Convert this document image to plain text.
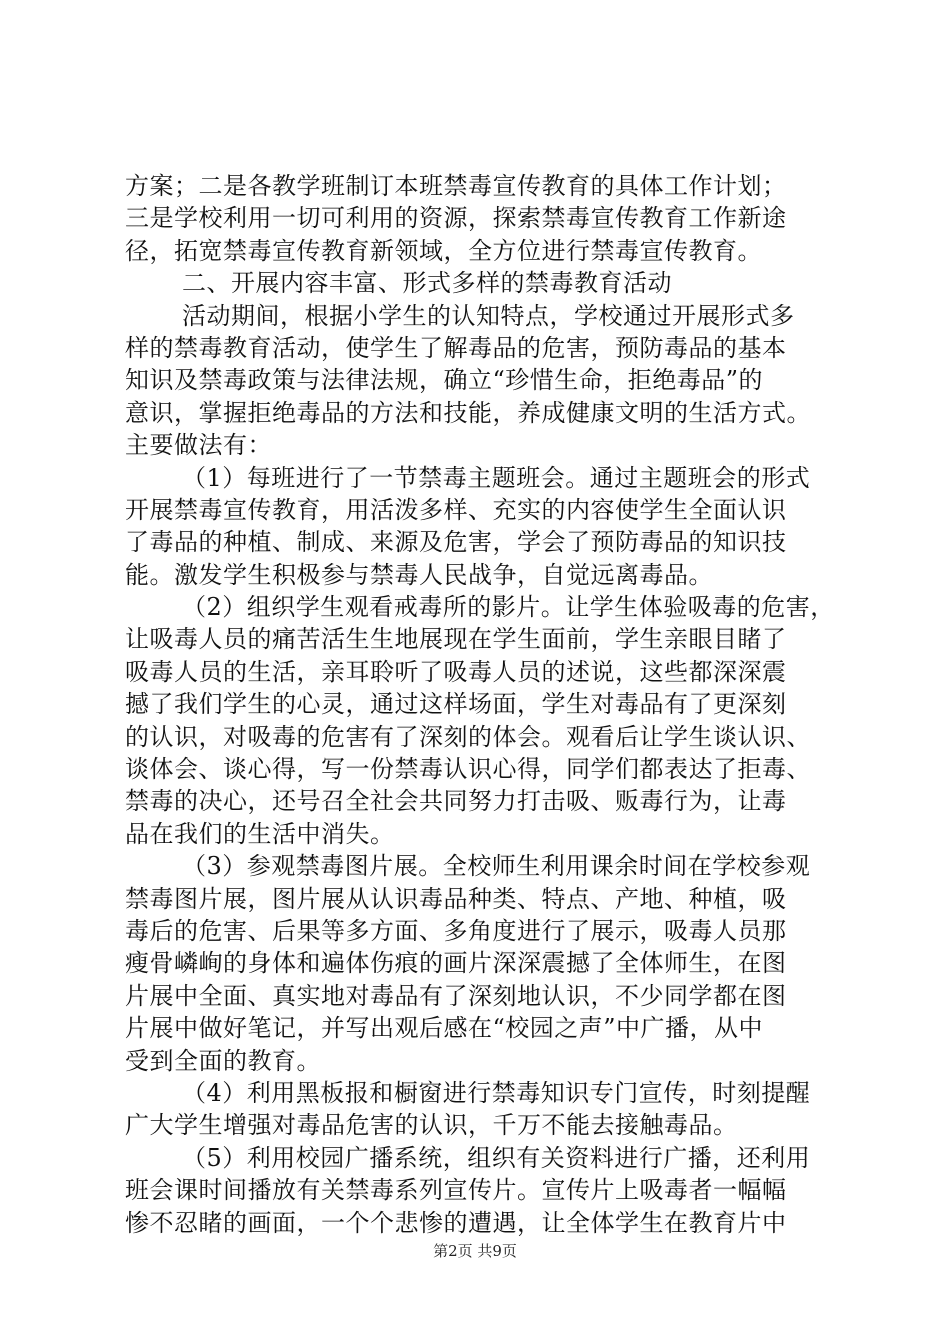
方案；二是各教学班制订本班禁毒宣传教育的具体工作计划；
三是学校利用一切可利用的资源，探索禁毒宣传教育工作新途
径，拓宽禁毒宣传教育新领域，全方位进行禁毒宣传教育。
二、开展内容丰富、形式多样的禁毒教育活动
活动期间，根据小学生的认知特点，学校通过开展形式多
样的禁毒教育活动，使学生了解毒品的危害，预防毒品的基本
知识及禁毒政策与法律法规，确立“珍惜生命，拒绝毒品”的
意识，掌握拒绝毒品的方法和技能，养成健康文明的生活方式。
主要做法有：
（1）每班进行了一节禁毒主题班会。通过主题班会的形式
开展禁毒宣传教育，用活泼多样、充实的内容使学生全面认识
了毒品的种植、制成、来源及危害，学会了预防毒品的知识技
能。激发学生积极参与禁毒人民战争，自觉远离毒品。
（2）组织学生观看戒毒所的影片。让学生体验吸毒的危害，
让吸毒人员的痛苦活生生地展现在学生面前，学生亲眼目睹了
吸毒人员的生活，亲耳聆听了吸毒人员的述说，这些都深深震
撼了我们学生的心灵，通过这样场面，学生对毒品有了更深刻
的认识，对吸毒的危害有了深刻的体会。观看后让学生谈认识、
谈体会、谈心得，写一份禁毒认识心得，同学们都表达了拒毒、
禁毒的决心，还号召全社会共同努力打击吸、贩毒行为，让毒
品在我们的生活中消失。
（3）参观禁毒图片展。全校师生利用课余时间在学校参观
禁毒图片展，图片展从认识毒品种类、特点、产地、种植，吸
毒后的危害、后果等多方面、多角度进行了展示，吸毒人员那
瘦骨嶙峋的身体和遍体伤痕的画片深深震撼了全体师生，在图
片展中全面、真实地对毒品有了深刻地认识，不少同学都在图
片展中做好笔记，并写出观后感在“校园之声”中广播，从中
受到全面的教育。
（4）利用黑板报和橱窗进行禁毒知识专门宣传，时刻提醒
广大学生增强对毒品危害的认识，千万不能去接触毒品。
（5）利用校园广播系统，组织有关资料进行广播，还利用
班会课时间播放有关禁毒系列宣传片。宣传片上吸毒者一幅幅
惨不忍睹的画面，一个个悲惨的遭遇，让全体学生在教育片中
第2页 共9页
